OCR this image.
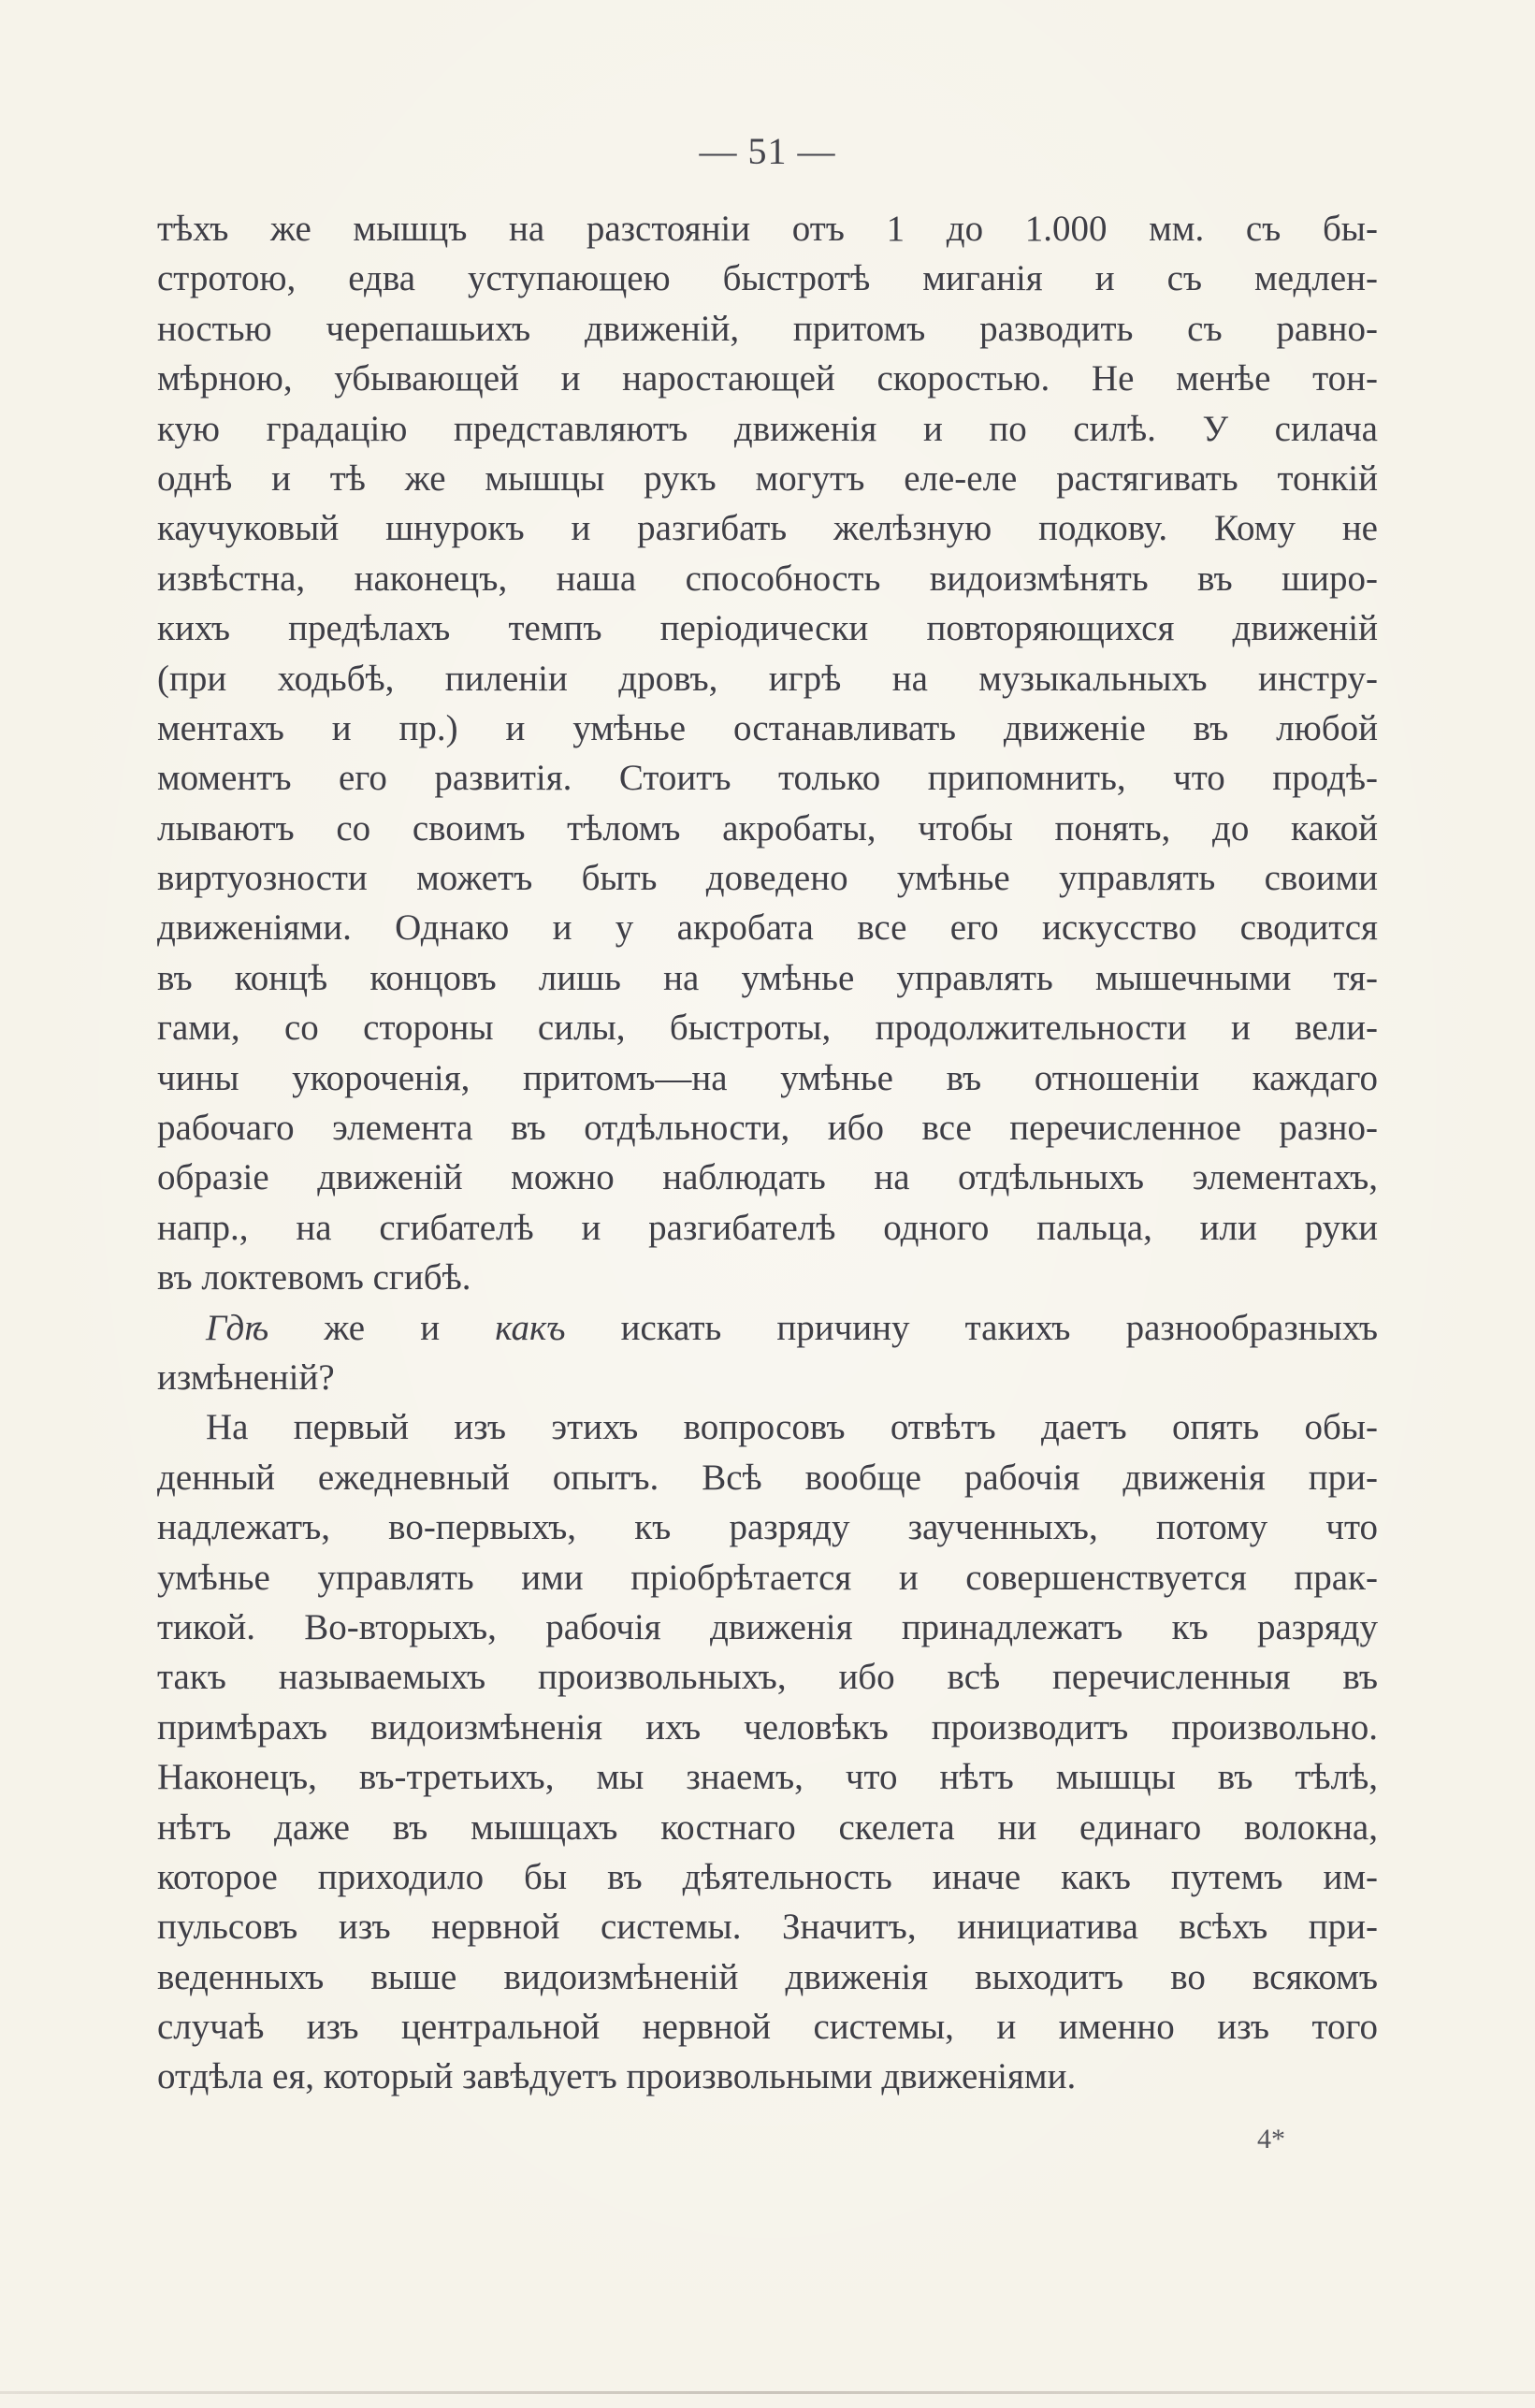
— 51 —
тѣхъ же мышцъ на разстояніи отъ 1 до 1.000 мм. съ бы-
стротою, едва уступающею быстротѣ миганія и съ медлен-
ностью черепашьихъ движеній, притомъ разводить съ равно-
мѣрною, убывающей и наростающей скоростью. Не менѣе тон-
кую градацію представляютъ движенія и по силѣ. У силача
однѣ и тѣ же мышцы рукъ могутъ еле-еле растягивать тонкій
каучуковый шнурокъ и разгибать желѣзную подкову. Кому не
извѣстна, наконецъ, наша способность видоизмѣнять въ широ-
кихъ предѣлахъ темпъ періодически повторяющихся движеній
(при ходьбѣ, пиленіи дровъ, игрѣ на музыкальныхъ инстру-
ментахъ и пр.) и умѣнье останавливать движеніе въ любой
моментъ его развитія. Стоитъ только припомнить, что продѣ-
лываютъ со своимъ тѣломъ акробаты, чтобы понять, до какой
виртуозности можетъ быть доведено умѣнье управлять своими
движеніями. Однако и у акробата все его искусство сводится
въ концѣ концовъ лишь на умѣнье управлять мышечными тя-
гами, со стороны силы, быстроты, продолжительности и вели-
чины укороченія, притомъ—на умѣнье въ отношеніи каждаго
рабочаго элемента въ отдѣльности, ибо все перечисленное разно-
образіе движеній можно наблюдать на отдѣльныхъ элементахъ,
напр., на сгибателѣ и разгибателѣ одного пальца, или руки
въ локтевомъ сгибѣ.
Гдѣ же и какъ искать причину такихъ разнообразныхъ
измѣненій?
На первый изъ этихъ вопросовъ отвѣтъ даетъ опять обы-
денный ежедневный опытъ. Всѣ вообще рабочія движенія при-
надлежатъ, во-первыхъ, къ разряду заученныхъ, потому что
умѣнье управлять ими пріобрѣтается и совершенствуется прак-
тикой. Во-вторыхъ, рабочія движенія принадлежатъ къ разряду
такъ называемыхъ произвольныхъ, ибо всѣ перечисленныя въ
примѣрахъ видоизмѣненія ихъ человѣкъ производитъ произвольно.
Наконецъ, въ-третьихъ, мы знаемъ, что нѣтъ мышцы въ тѣлѣ,
нѣтъ даже въ мышцахъ костнаго скелета ни единаго волокна,
которое приходило бы въ дѣятельность иначе какъ путемъ им-
пульсовъ изъ нервной системы. Значитъ, инициатива всѣхъ при-
веденныхъ выше видоизмѣненій движенія выходитъ во всякомъ
случаѣ изъ центральной нервной системы, и именно изъ того
отдѣла ея, который завѣдуетъ произвольными движеніями.
4*
